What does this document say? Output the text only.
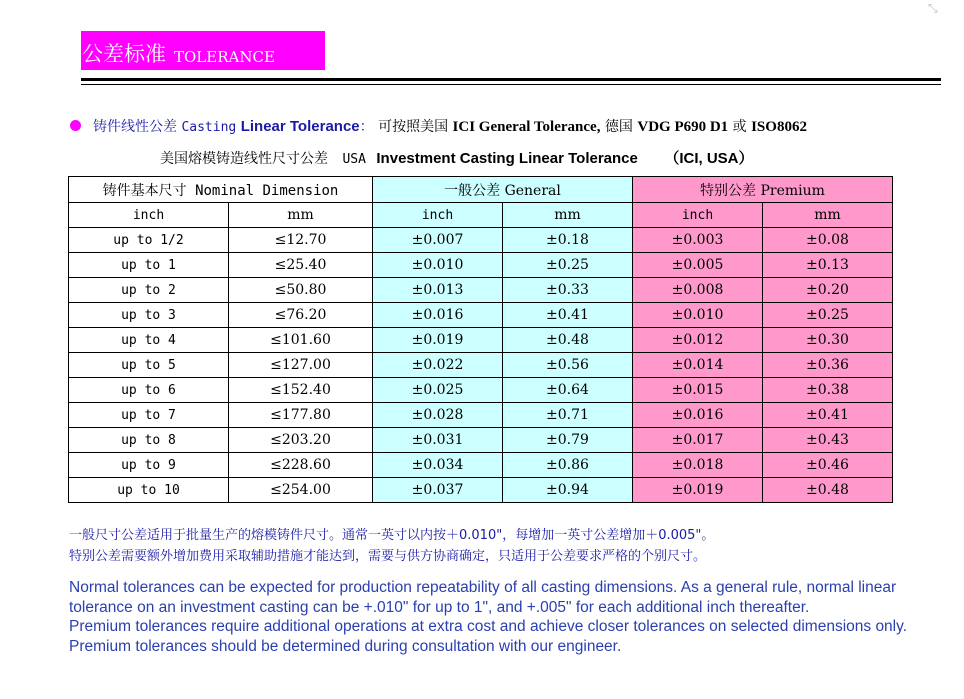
⤡
公差标准 TOLERANCE
铸件线性公差 Casting Linear Tolerance： 可按照美国 ICI General Tolerance, 德国 VDG P690 D1 或 ISO8062
美国熔模铸造线性尺寸公差 USA Investment Casting Linear Tolerance （ICI, USA）
铸件基本尺寸 Nominal Dimension		一般公差 General		特别公差 Premium	
inch	mm	inch	mm	inch	mm
up to 1/2	≤12.70	±0.007	±0.18	±0.003	±0.08
up to 1	≤25.40	±0.010	±0.25	±0.005	±0.13
up to 2	≤50.80	±0.013	±0.33	±0.008	±0.20
up to 3	≤76.20	±0.016	±0.41	±0.010	±0.25
up to 4	≤101.60	±0.019	±0.48	±0.012	±0.30
up to 5	≤127.00	±0.022	±0.56	±0.014	±0.36
up to 6	≤152.40	±0.025	±0.64	±0.015	±0.38
up to 7	≤177.80	±0.028	±0.71	±0.016	±0.41
up to 8	≤203.20	±0.031	±0.79	±0.017	±0.43
up to 9	≤228.60	±0.034	±0.86	±0.018	±0.46
up to 10	≤254.00	±0.037	±0.94	±0.019	±0.48
一般尺寸公差适用于批量生产的熔模铸件尺寸。通常一英寸以内按＋0.010"，每增加一英寸公差增加＋0.005"。
特别公差需要额外增加费用采取辅助措施才能达到，需要与供方协商确定，只适用于公差要求严格的个别尺寸。
Normal tolerances can be expected for production repeatability of all casting dimensions. As a general rule, normal linear tolerance on an investment casting can be +.010" for up to 1", and +.005" for each additional inch thereafter.
Premium tolerances require additional operations at extra cost and achieve closer tolerances on selected dimensions only. Premium tolerances should be determined during consultation with our engineer.
